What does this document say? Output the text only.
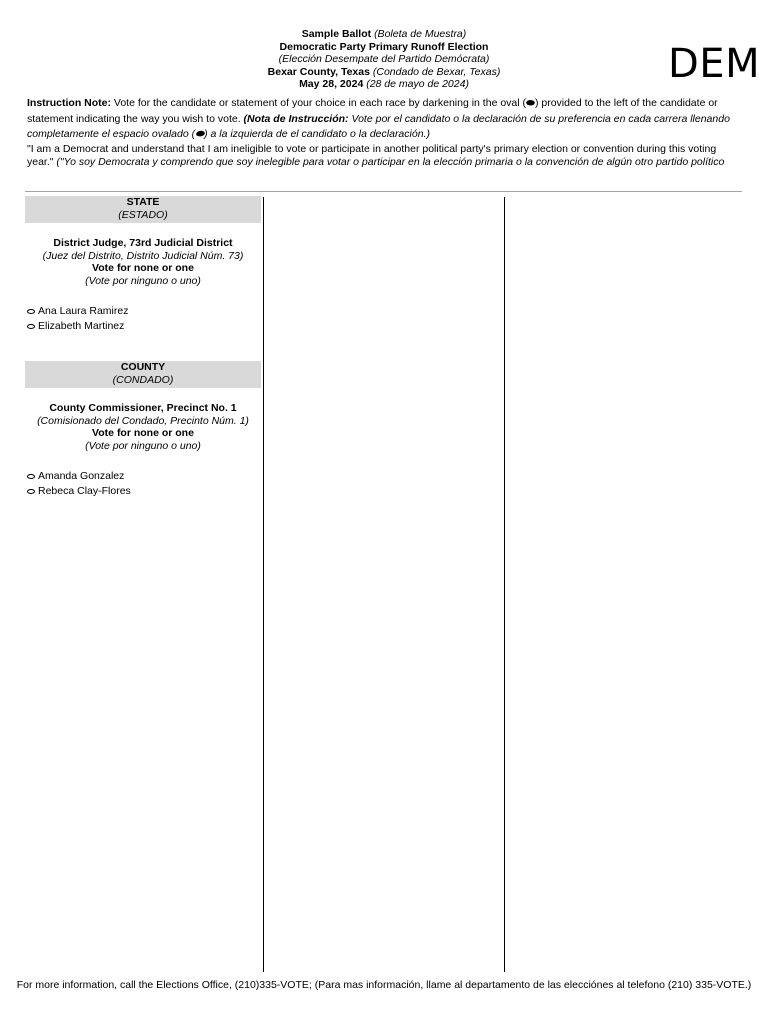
Sample Ballot (Boleta de Muestra)
Democratic Party Primary Runoff Election
(Elección Desempate del Partido Demócrata)
Bexar County, Texas (Condado de Bexar, Texas)
May 28, 2024 (28 de mayo de 2024)	DEM
Instruction Note: Vote for the candidate or statement of your choice in each race by darkening in the oval (⬬) provided to the left of the candidate or statement indicating the way you wish to vote. (Nota de Instrucción: Vote por el candidato o la declaración de su preferencia en cada carrera llenando completamente el espacio ovalado (⬬) a la izquierda de el candidato o la declaración.)
"I am a Democrat and understand that I am ineligible to vote or participate in another political party's primary election or convention during this voting year." ("Yo soy Democrata y comprendo que soy inelegible para votar o participar en la elección primaria o la convención de algún otro partido político
STATE
(ESTADO)
District Judge, 73rd Judicial District
(Juez del Distrito, Distrito Judicial Núm. 73)
Vote for none or one
(Vote por ninguno o uno)
Ana Laura Ramirez
Elizabeth Martinez
COUNTY
(CONDADO)
County Commissioner, Precinct No. 1
(Comisionado del Condado, Precinto Núm. 1)
Vote for none or one
(Vote por ninguno o uno)
Amanda Gonzalez
Rebeca Clay-Flores
For more information, call the Elections Office, (210)335-VOTE; (Para mas información, llame al departamento de las elecciónes al telefono (210) 335-VOTE.)
